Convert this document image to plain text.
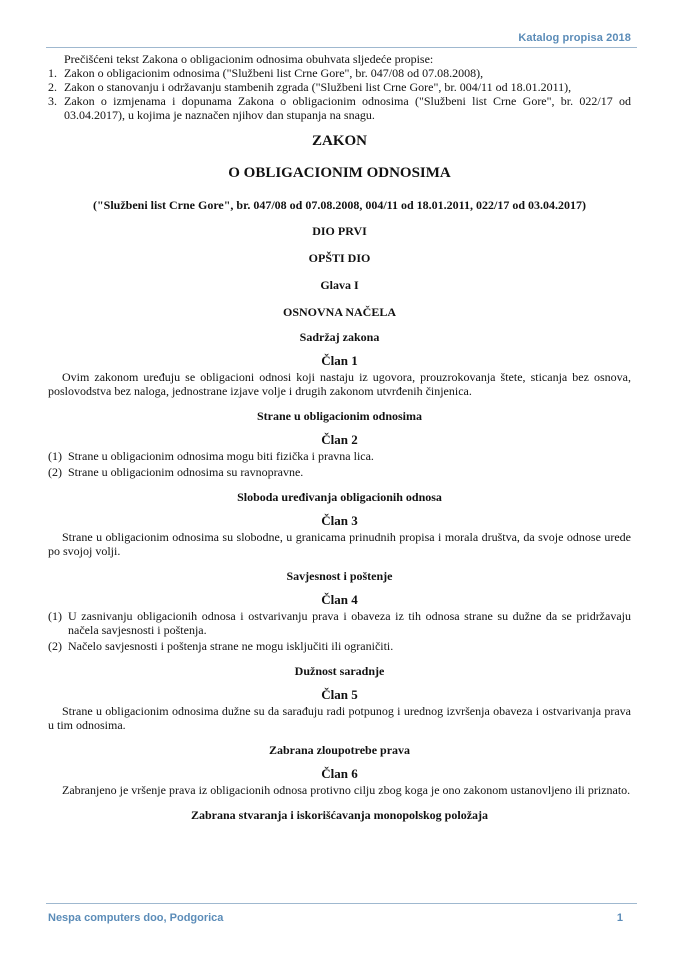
Katalog propisa 2018

Prečišćeni tekst Zakona o obligacionim odnosima obuhvata sljedeće propise:

1. Zakon o obligacionim odnosima ("Službeni list Crne Gore", br. 047/08 od 07.08.2008),
2. Zakon o stanovanju i održavanju stambenih zgrada ("Službeni list Crne Gore", br. 004/11 od 18.01.2011),
3. Zakon o izmjenama i dopunama Zakona o obligacionim odnosima ("Službeni list Crne Gore", br. 022/17 od 03.04.2017), u kojima je naznačen njihov dan stupanja na snagu.
ZAKON
O OBLIGACIONIM ODNOSIMA
("Službeni list Crne Gore", br. 047/08 od 07.08.2008, 004/11 od 18.01.2011, 022/17 od 03.04.2017)
DIO PRVI
OPŠTI DIO
Glava I
OSNOVNA NAČELA
Sadržaj zakona
Član 1

Ovim zakonom uređuju se obligacioni odnosi koji nastaju iz ugovora, prouzrokovanja štete, sticanja bez osnova, poslovodstva bez naloga, jednostrane izjave volje i drugih zakonom utvrđenih činjenica.

Strane u obligacionim odnosima
Član 2
(1) Strane u obligacionim odnosima mogu biti fizička i pravna lica.
(2) Strane u obligacionim odnosima su ravnopravne.
Sloboda uređivanja obligacionih odnosa
Član 3

Strane u obligacionim odnosima su slobodne, u granicama prinudnih propisa i morala društva, da svoje odnose urede po svojoj volji.

Savjesnost i poštenje
Član 4
(1) U zasnivanju obligacionih odnosa i ostvarivanju prava i obaveza iz tih odnosa strane su dužne da se pridržavaju načela savjesnosti i poštenja.
(2) Načelo savjesnosti i poštenja strane ne mogu isključiti ili ograničiti.
Dužnost saradnje
Član 5

Strane u obligacionim odnosima dužne su da sarađuju radi potpunog i urednog izvršenja obaveza i ostvarivanja prava u tim odnosima.

Zabrana zloupotrebe prava
Član 6

Zabranjeno je vršenje prava iz obligacionih odnosa protivno cilju zbog koga je ono zakonom ustanovljeno ili priznato.

Zabrana stvaranja i iskorišćavanja monopolskog položaja
Nespa computers doo, Podgorica	1
